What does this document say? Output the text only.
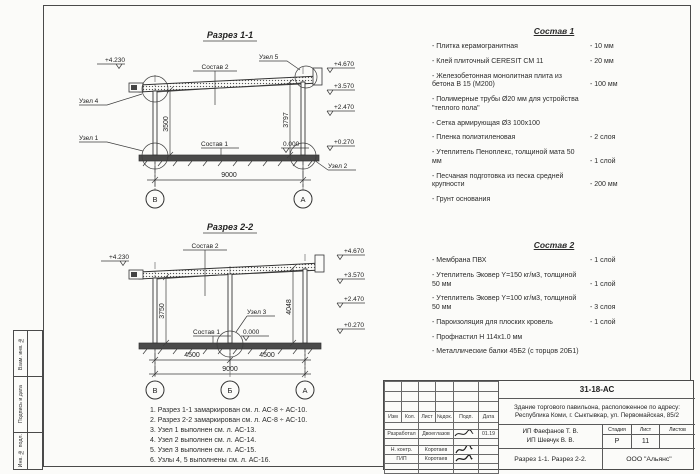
Взам. инв. №
Подпись и дата
Инв. № подл.
Разрез 1-1
Узел 4
Узел 1
Узел 2
Узел 5
Состав 2
Состав 1	0.000
3500	3797
9000
В	А
+4.670
+3.570
+2.470
+0.270
+4.230
Разрез 2-2
Состав 2
Узел 3
Состав 1	0.000
3750	4048
4500	4500
9000
В	Б	А
+4.670
+3.570
+2.470
+0.270
+4.230
Состав 1
- Плитка керамогранитная	- 10 мм
- Клей плиточный CERESIT СМ 11	- 20 мм
- Железобетонная монолитная плита из бетона В 15 (М200)	- 100 мм
- Полимерные трубы Ø20 мм для устройства "теплого пола"
- Сетка армирующая Ø3 100х100
- Пленка полиэтиленовая	- 2 слоя
- Утеплитель Пеноплекс, толщиной мата 50 мм	- 1 слой
- Песчаная подготовка из песка средней крупности	- 200 мм
- Грунт основания
Состав 2
- Мембрана ПВХ	- 1 слой
- Утеплитель Эковер Y=150 кг/м3, толщиной 50 мм	- 1 слой
- Утеплитель Эковер Y=100 кг/м3, толщиной 50 мм	- 3 слоя
- Пароизоляция для плоских кровель	- 1 слой
- Профнастил Н 114х1.0 мм
- Металлические балки 45Б2 (с торцов 20Б1)
1. Разрез 1-1 замаркирован см. л. АС-8 ÷ АС-10.
2. Разрез 2-2 замаркирован см. л. АС-8 ÷ АС-10.
3. Узел 1 выполнен см. л. АС-13.
4. Узел 2 выполнен см. л. АС-14.
5. Узел 3 выполнен см. л. АС-15.
6. Узлы 4, 5 выполнены см. л. АС-16.

Изм	Кол.	Лист	№док.	Подп.	Дата

Разработал		Двоеглазов			01.19

Н. контр.		Коротаев	

ГИП		Коротаев	

31-18-АС
Здание торгового павильона, расположенное по адресу:
Республика Коми, г. Сыктывкар, ул. Первомайская, 85/2
ИП Фаефанов Т. В.
ИП Шевчук В. В.
Стадия	Лист	Листов
Р	11
Разрез 1-1. Разрез 2-2.	ООО "Альянс"
